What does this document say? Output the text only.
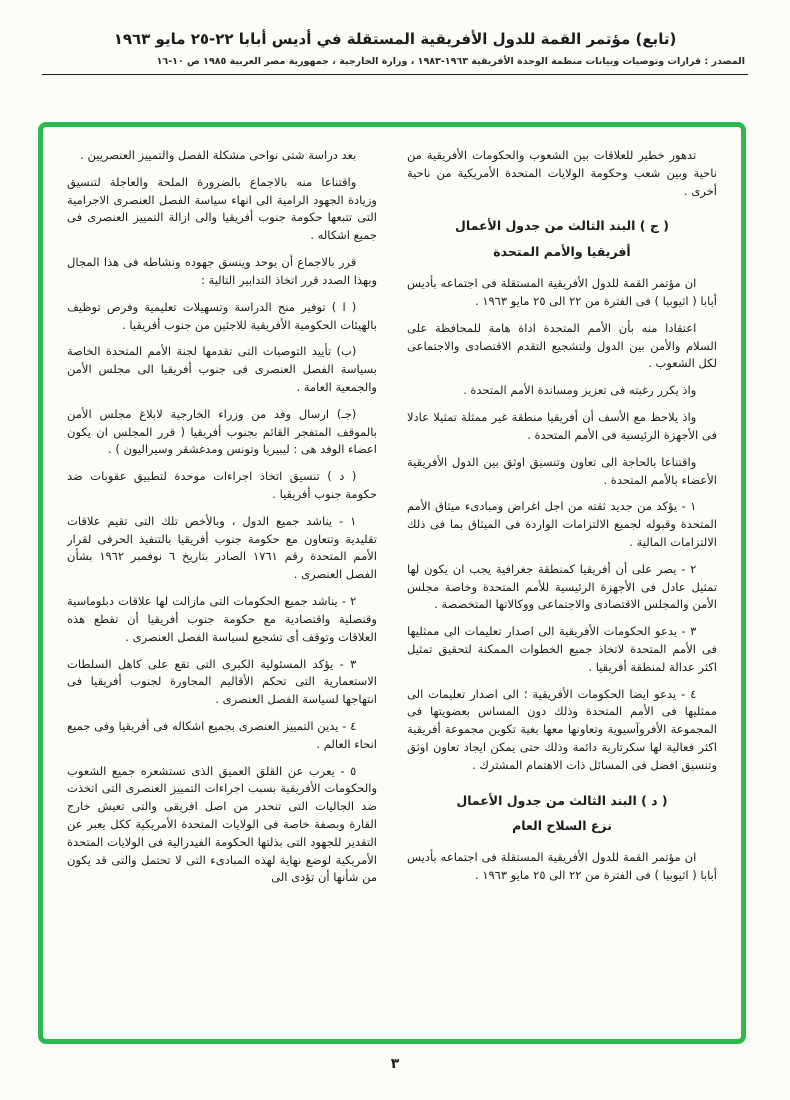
(تابع) مؤتمر القمة للدول الأفريقية المستقلة في أديس أبابا ٢٢-٢٥ مايو ١٩٦٣

المصدر : قرارات وتوصيات وبيانات منظمة الوحدة الأفريقية ١٩٦٣-١٩٨٣ ، وزارة الخارجية ، جمهورية مصر العربية ١٩٨٥ ص ١٠-١٦

بعد دراسة شتى نواحى مشكلة الفصل والتمييز العنصريين .

واقتناعا منه بالاجماع بالضرورة الملحة والعاجلة لتنسيق وزيادة الجهود الرامية الى انهاء سياسة الفصل العنصرى الاجرامية التى تتبعها حكومة جنوب أفريقيا والى ازالة التمييز العنصرى فى جميع اشكاله .

قرر بالاجماع أن يوحد وينسق جهوده ونشاطه فى هذا المجال وبهذا الصدد قرر اتخاذ التدابير التالية :

( ا ) توفير منح الدراسة وتسهيلات تعليمية وفرص توظيف بالهيئات الحكومية الأفريقية للاجئين من جنوب أفريقيا .

(ب) تأييد التوصيات التى تقدمها لجنة الأمم المتحدة الخاصة بسياسة الفصل العنصرى فى جنوب أفريقيا الى مجلس الأمن والجمعية العامة .

(جـ) ارسال وفد من وزراء الخارجية لابلاغ مجلس الأمن بالموقف المتفجر القائم بجنوب أفريقيا ( قرر المجلس ان يكون اعضاء الوفد هى : ليبيريا وتونس ومدغشقر وسيراليون ) .

( د ) تنسيق اتخاذ اجراءات موحدة لتطبيق عقوبات ضد حكومة جنوب أفريقيا .

١ - يناشد جميع الدول ، وبالأخص تلك التى تقيم علاقات تقليدية وتتعاون مع حكومة جنوب أفريقيا بالتنفيذ الحرفى لقرار الأمم المتحدة رقم ١٧٦١ الصادر بتاريخ ٦ نوفمبر ١٩٦٢ بشأن الفصل العنصرى .

٢ - يناشد جميع الحكومات التى مازالت لها علاقات دبلوماسية وقنصلية واقتصادية مع حكومة جنوب أفريقيا أن تقطع هذه العلاقات وتوقف أى تشجيع لسياسة الفصل العنصرى .

٣ - يؤكد المسئولية الكبرى التى تقع على كاهل السلطات الاستعمارية التى تحكم الأقاليم المجاورة لجنوب أفريقيا فى انتهاجها لسياسة الفصل العنصرى .

٤ - يدين التمييز العنصرى بجميع اشكاله فى أفريقيا وفى جميع انحاء العالم .

٥ - يعرب عن القلق العميق الذى تستشعره جميع الشعوب والحكومات الأفريقية بسبب اجراءات التمييز العنصرى التى اتخذت ضد الجاليات التى تنحدر من اصل افريقى والتى تعيش خارج القارة وبصفة خاصة فى الولايات المتحدة الأمريكية ككل يعبر عن التقدير للجهود التى بذلتها الحكومة الفيدرالية فى الولايات المتحدة الأمريكية لوضع نهاية لهذه المبادىء التى لا تحتمل والتى قد يكون من شأنها أن تؤدى الى

تدهور خطير للعلاقات بين الشعوب والحكومات الأفريقية من ناحية وبين شعب وحكومة الولايات المتحدة الأمريكية من ناحية أخرى .

( ج ) البند الثالث من جدول الأعمال
أفريقيا والأمم المتحدة

ان مؤتمر القمة للدول الأفريقية المستقلة فى اجتماعه بأديس أبابا ( اثيوبيا ) فى الفترة من ٢٢ الى ٢٥ مايو ١٩٦٣ .

اعتقادا منه بأن الأمم المتحدة اداة هامة للمحافظة على السلام والأمن بين الدول ولتشجيع التقدم الاقتصادى والاجتماعى لكل الشعوب .

واذ يكرر رغبته فى تعزيز ومساندة الأمم المتحدة .

واذ يلاحظ مع الأسف أن أفريقيا منطقة غير ممثلة تمثيلا عادلا فى الأجهزة الرئيسية فى الأمم المتحدة .

واقتناعا بالحاجة الى تعاون وتنسيق اوثق بين الدول الأفريقية الأعضاء بالأمم المتحدة .

١ - يؤكد من جديد ثقته من اجل اغراض ومبادىء ميثاق الأمم المتحدة وقبوله لجميع الالتزامات الواردة فى الميثاق بما فى ذلك الالتزامات المالية .

٢ - يصر على أن أفريقيا كمنطقة جغرافية يجب ان يكون لها تمثيل عادل فى الأجهزة الرئيسية للأمم المتحدة وخاصة مجلس الأمن والمجلس الاقتصادى والاجتماعى ووكالاتها المتخصصة .

٣ - يدعو الحكومات الأفريقية الى اصدار تعليمات الى ممثليها فى الأمم المتحدة لاتخاذ جميع الخطوات الممكنة لتحقيق تمثيل اكثر عدالة لمنطقة أفريقيا .

٤ - يدعو ايضا الحكومات الأفريقية ؛ الى اصدار تعليمات الى ممثليها فى الأمم المتحدة وذلك دون المساس بعضويتها فى المجموعة الأفروآسيوية وتعاونها معها بغية تكوين مجموعة أفريقية اكثر فعالية لها سكرتارية دائمة وذلك حتى يمكن ايجاد تعاون اوثق وتنسيق افضل فى المسائل ذات الاهتمام المشترك .

( د ) البند الثالث من جدول الأعمال
نزع السلاح العام

ان مؤتمر القمة للدول الأفريقية المستقلة فى اجتماعه بأديس أبابا ( اثيوبيا ) فى الفترة من ٢٢ الى ٢٥ مايو ١٩٦٣ .

٣
